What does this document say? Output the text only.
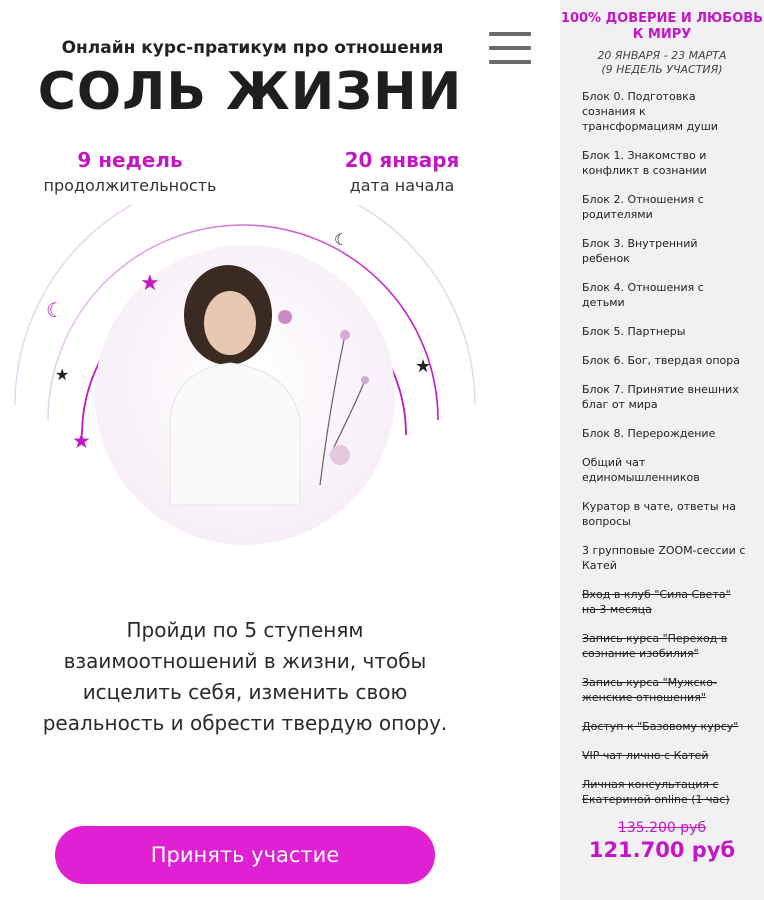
Онлайн курс-пратикум про отношения
СОЛЬ ЖИЗНИ
9 недель
продолжительность
20 января
дата начала
☾
☾
★
★
★
★
Пройди по 5 ступеням взаимоотношений в жизни, чтобы исцелить себя, изменить свою реальность и обрести твердую опору.
Принять участие
100% ДОВЕРИЕ И ЛЮБОВЬ К МИРУ
20 ЯНВАРЯ - 23 МАРТА
(9 НЕДЕЛЬ УЧАСТИЯ)
Блок 0. Подготовка сознания к трансформациям души
Блок 1. Знакомство и конфликт в сознании
Блок 2. Отношения с родителями
Блок 3. Внутренний ребенок
Блок 4. Отношения с детьми
Блок 5. Партнеры
Блок 6. Бог, твердая опора
Блок 7. Принятие внешних благ от мира
Блок 8. Перерождение
Общий чат единомышленников
Куратор в чате, ответы на вопросы
3 групповые ZOOM-сессии с Катей
Вход в клуб "Сила Света" на 3 месяца
Запись курса "Переход в сознание изобилия"
Запись курса "Мужско-женские отношения"
Доступ к "Базовому курсу"
VIP чат лично с Катей
Личная консультация с Екатериной online (1 час)
135.200 руб
121.700 руб
